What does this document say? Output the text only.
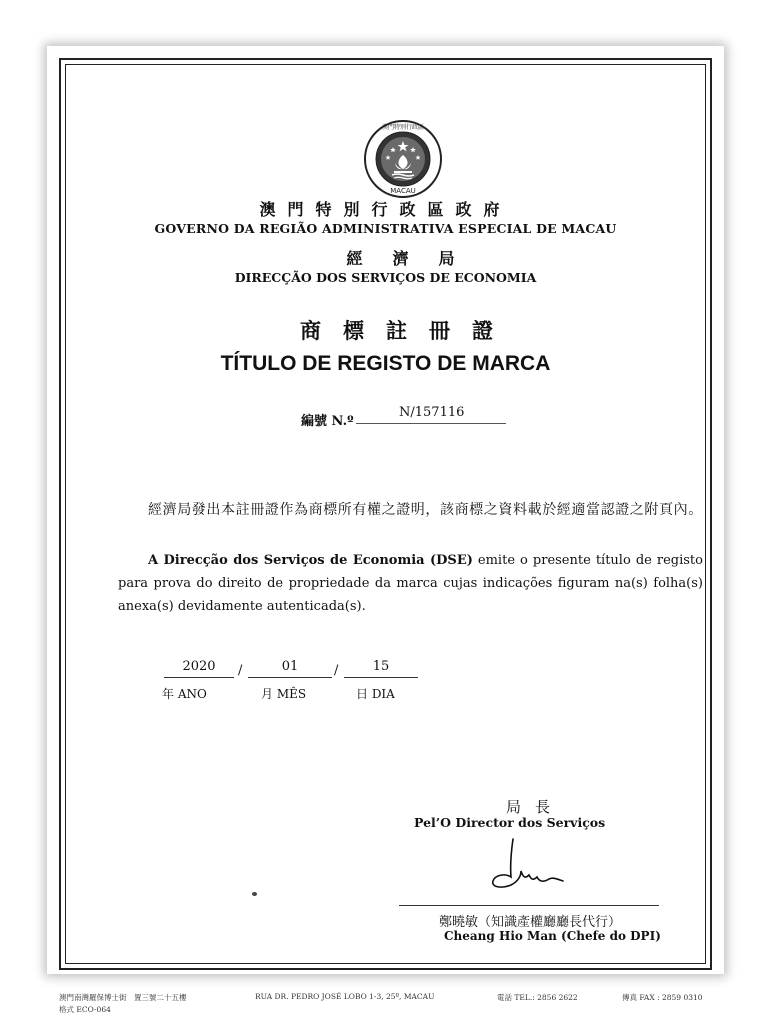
MACAU
澳門特別行政區
澳門特別行政區政府
GOVERNO DA REGIÃO ADMINISTRATIVA ESPECIAL DE MACAU
經濟局
DIRECÇÃO DOS SERVIÇOS DE ECONOMIA
商標註冊證
TÍTULO DE REGISTO DE MARCA
編號 N.º
N/157116
經濟局發出本註冊證作為商標所有權之證明，該商標之資料載於經適當認證之附頁內。
A Direcção dos Serviços de Economia (DSE) emite o presente título de registo para prova do direito de propriedade da marca cujas indicações figuram na(s) folha(s) anexa(s) devidamente autenticada(s).
2020	/	01	/	15
年 ANO	月 MÊS	日 DIA
局長
Pel’O Director dos Serviços
鄭曉敏（知識產權廳廳長代行）
Cheang Hio Man (Chefe do DPI)
澳門南灣羅保博士街　置三號二十五樓
格式 ECO-064
RUA DR. PEDRO JOSÉ LOBO 1-3, 25º, MACAU	電話 TEL.: 2856 2622	傳真 FAX : 2859 0310
